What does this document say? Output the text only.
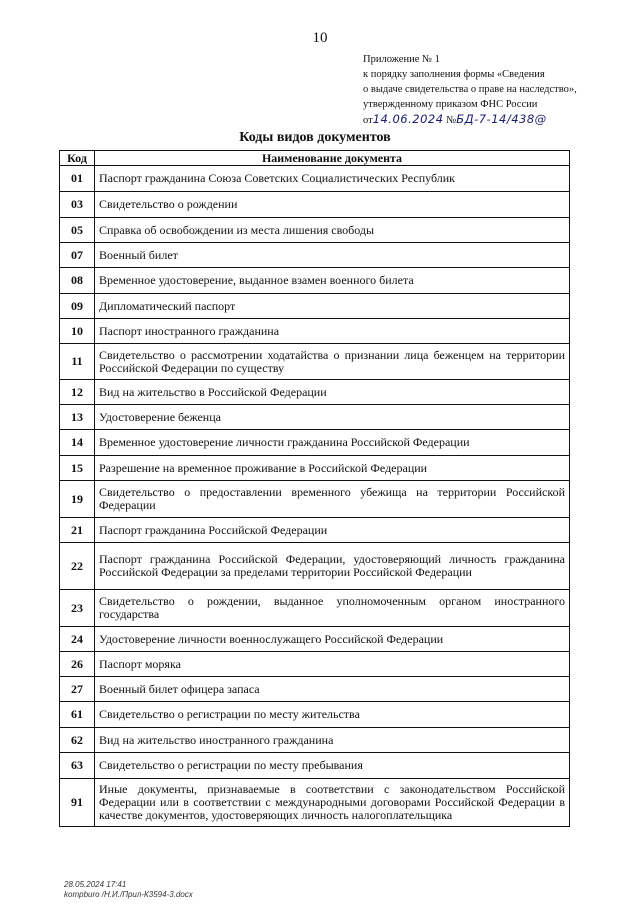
10
Приложение № 1
к порядку заполнения формы «Сведения
о выдаче свидетельства о праве на наследство»,
утвержденному приказом ФНС России
от14.06.2024 №БД-7-14/438@
Коды видов документов
Код	Наименование документа
01	Паспорт гражданина Союза Советских Социалистических Республик
03	Свидетельство о рождении
05	Справка об освобождении из места лишения свободы
07	Военный билет
08	Временное удостоверение, выданное взамен военного билета
09	Дипломатический паспорт
10	Паспорт иностранного гражданина
11	Свидетельство о рассмотрении ходатайства о признании лица беженцем на территории Российской Федерации по существу
12	Вид на жительство в Российской Федерации
13	Удостоверение беженца
14	Временное удостоверение личности гражданина Российской Федерации
15	Разрешение на временное проживание в Российской Федерации
19	Свидетельство о предоставлении временного убежища на территории Российской Федерации
21	Паспорт гражданина Российской Федерации
22	Паспорт гражданина Российской Федерации, удостоверяющий личность гражданина Российской Федерации за пределами территории Российской Федерации
23	Свидетельство о рождении, выданное уполномоченным органом иностранного государства
24	Удостоверение личности военнослужащего Российской Федерации
26	Паспорт моряка
27	Военный билет офицера запаса
61	Свидетельство о регистрации по месту жительства
62	Вид на жительство иностранного гражданина
63	Свидетельство о регистрации по месту пребывания
91	Иные документы, признаваемые в соответствии с законодательством Российской Федерации или в соответствии с международными договорами Российской Федерации в качестве документов, удостоверяющих личность налогоплательщика
28.05.2024 17:41
kompburo /Н.И./Прил-К3594-3.docx
